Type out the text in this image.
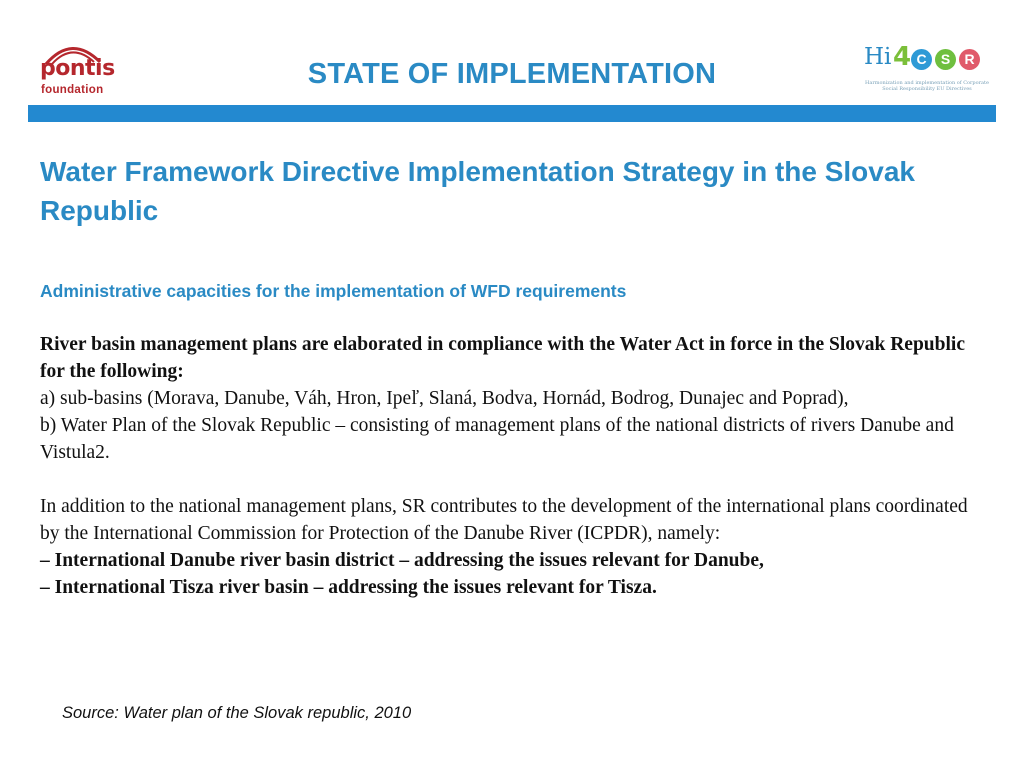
pontis
foundation	STATE OF IMPLEMENTATION
Hi 4 C	S	R
Harmonization and implementation of Corporate Social Responsibility EU Directives
Water Framework Directive Implementation Strategy in the Slovak Republic
Administrative capacities for the implementation of WFD requirements

River basin management plans are elaborated in compliance with the Water Act in force in the Slovak Republic for the following:

a) sub-basins (Morava, Danube, Váh, Hron, Ipeľ, Slaná, Bodva, Hornád, Bodrog, Dunajec and Poprad),

b) Water Plan of the Slovak Republic – consisting of management plans of the national districts of rivers Danube and Vistula2.

In addition to the national management plans, SR contributes to the development of the international plans coordinated by the International Commission for Protection of the Danube River (ICPDR), namely:

– International Danube river basin district – addressing the issues relevant for Danube,

– International Tisza river basin – addressing the issues relevant for Tisza.

Source: Water plan of the Slovak republic, 2010
